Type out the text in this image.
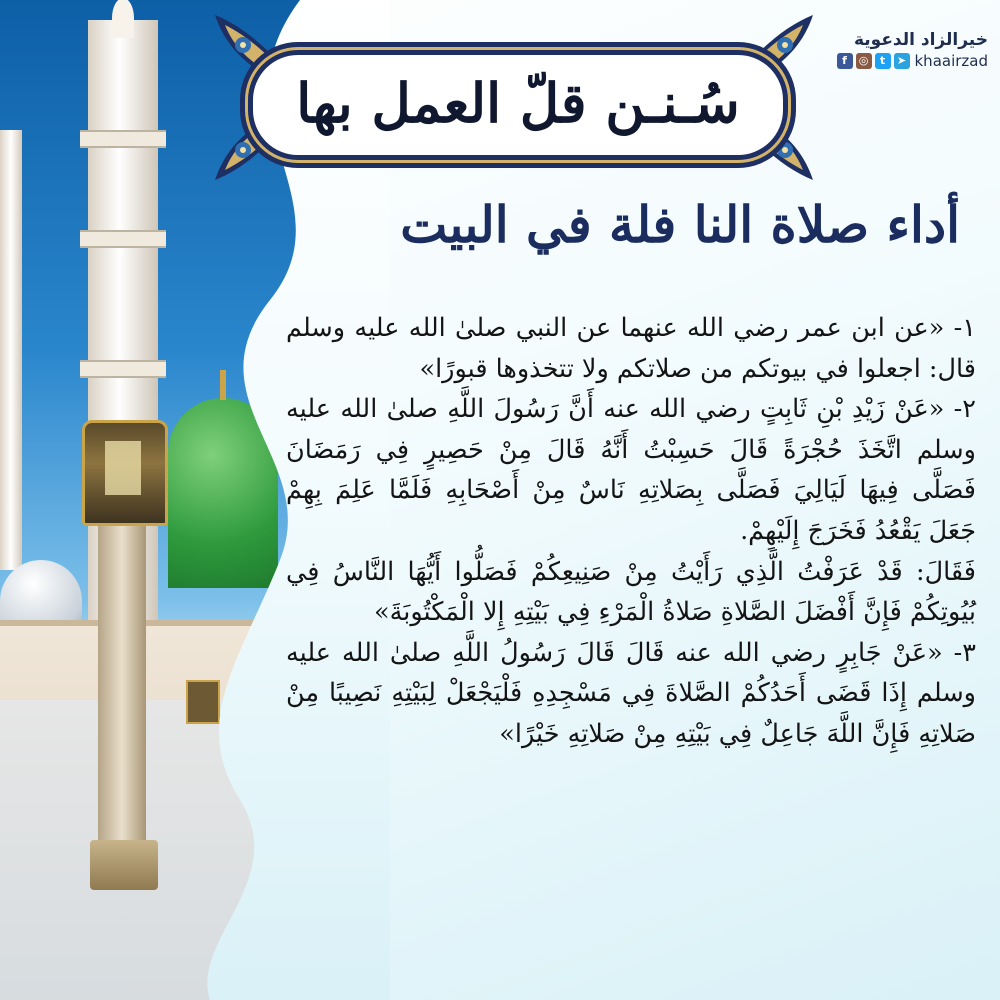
سُـنـن قلّ العمل بها
خيرالزاد الدعوية
f	◎	t	➤ khaairzad
أداء صلاة النا فلة في البيت

١- «عن ابن عمر رضي الله عنهما عن النبي صلىٰ الله عليه وسلم قال: اجعلوا في بيوتكم من صلاتكم ولا تتخذوها قبورًا»

٢- «عَنْ زَيْدِ بْنِ ثَابِتٍ رضي الله عنه أَنَّ رَسُولَ اللَّهِ صلىٰ الله عليه وسلم اتَّخَذَ حُجْرَةً قَالَ حَسِبْتُ أَنَّهُ قَالَ مِنْ حَصِيرٍ فِي رَمَضَانَ فَصَلَّى فِيهَا لَيَالِيَ فَصَلَّى بِصَلاتِهِ نَاسٌ مِنْ أَصْحَابِهِ فَلَمَّا عَلِمَ بِهِمْ جَعَلَ يَقْعُدُ فَخَرَجَ إِلَيْهِمْ.

فَقَالَ: قَدْ عَرَفْتُ الَّذِي رَأَيْتُ مِنْ صَنِيعِكُمْ فَصَلُّوا أَيُّهَا النَّاسُ فِي بُيُوتِكُمْ فَإِنَّ أَفْضَلَ الصَّلاةِ صَلاةُ الْمَرْءِ فِي بَيْتِهِ إِلا الْمَكْتُوبَةَ»

٣- «عَنْ جَابِرٍ رضي الله عنه قَالَ قَالَ رَسُولُ اللَّهِ صلىٰ الله عليه وسلم إِذَا قَضَى أَحَدُكُمْ الصَّلاةَ فِي مَسْجِدِهِ فَلْيَجْعَلْ لِبَيْتِهِ نَصِيبًا مِنْ صَلاتِهِ فَإِنَّ اللَّهَ جَاعِلٌ فِي بَيْتِهِ مِنْ صَلاتِهِ خَيْرًا»
